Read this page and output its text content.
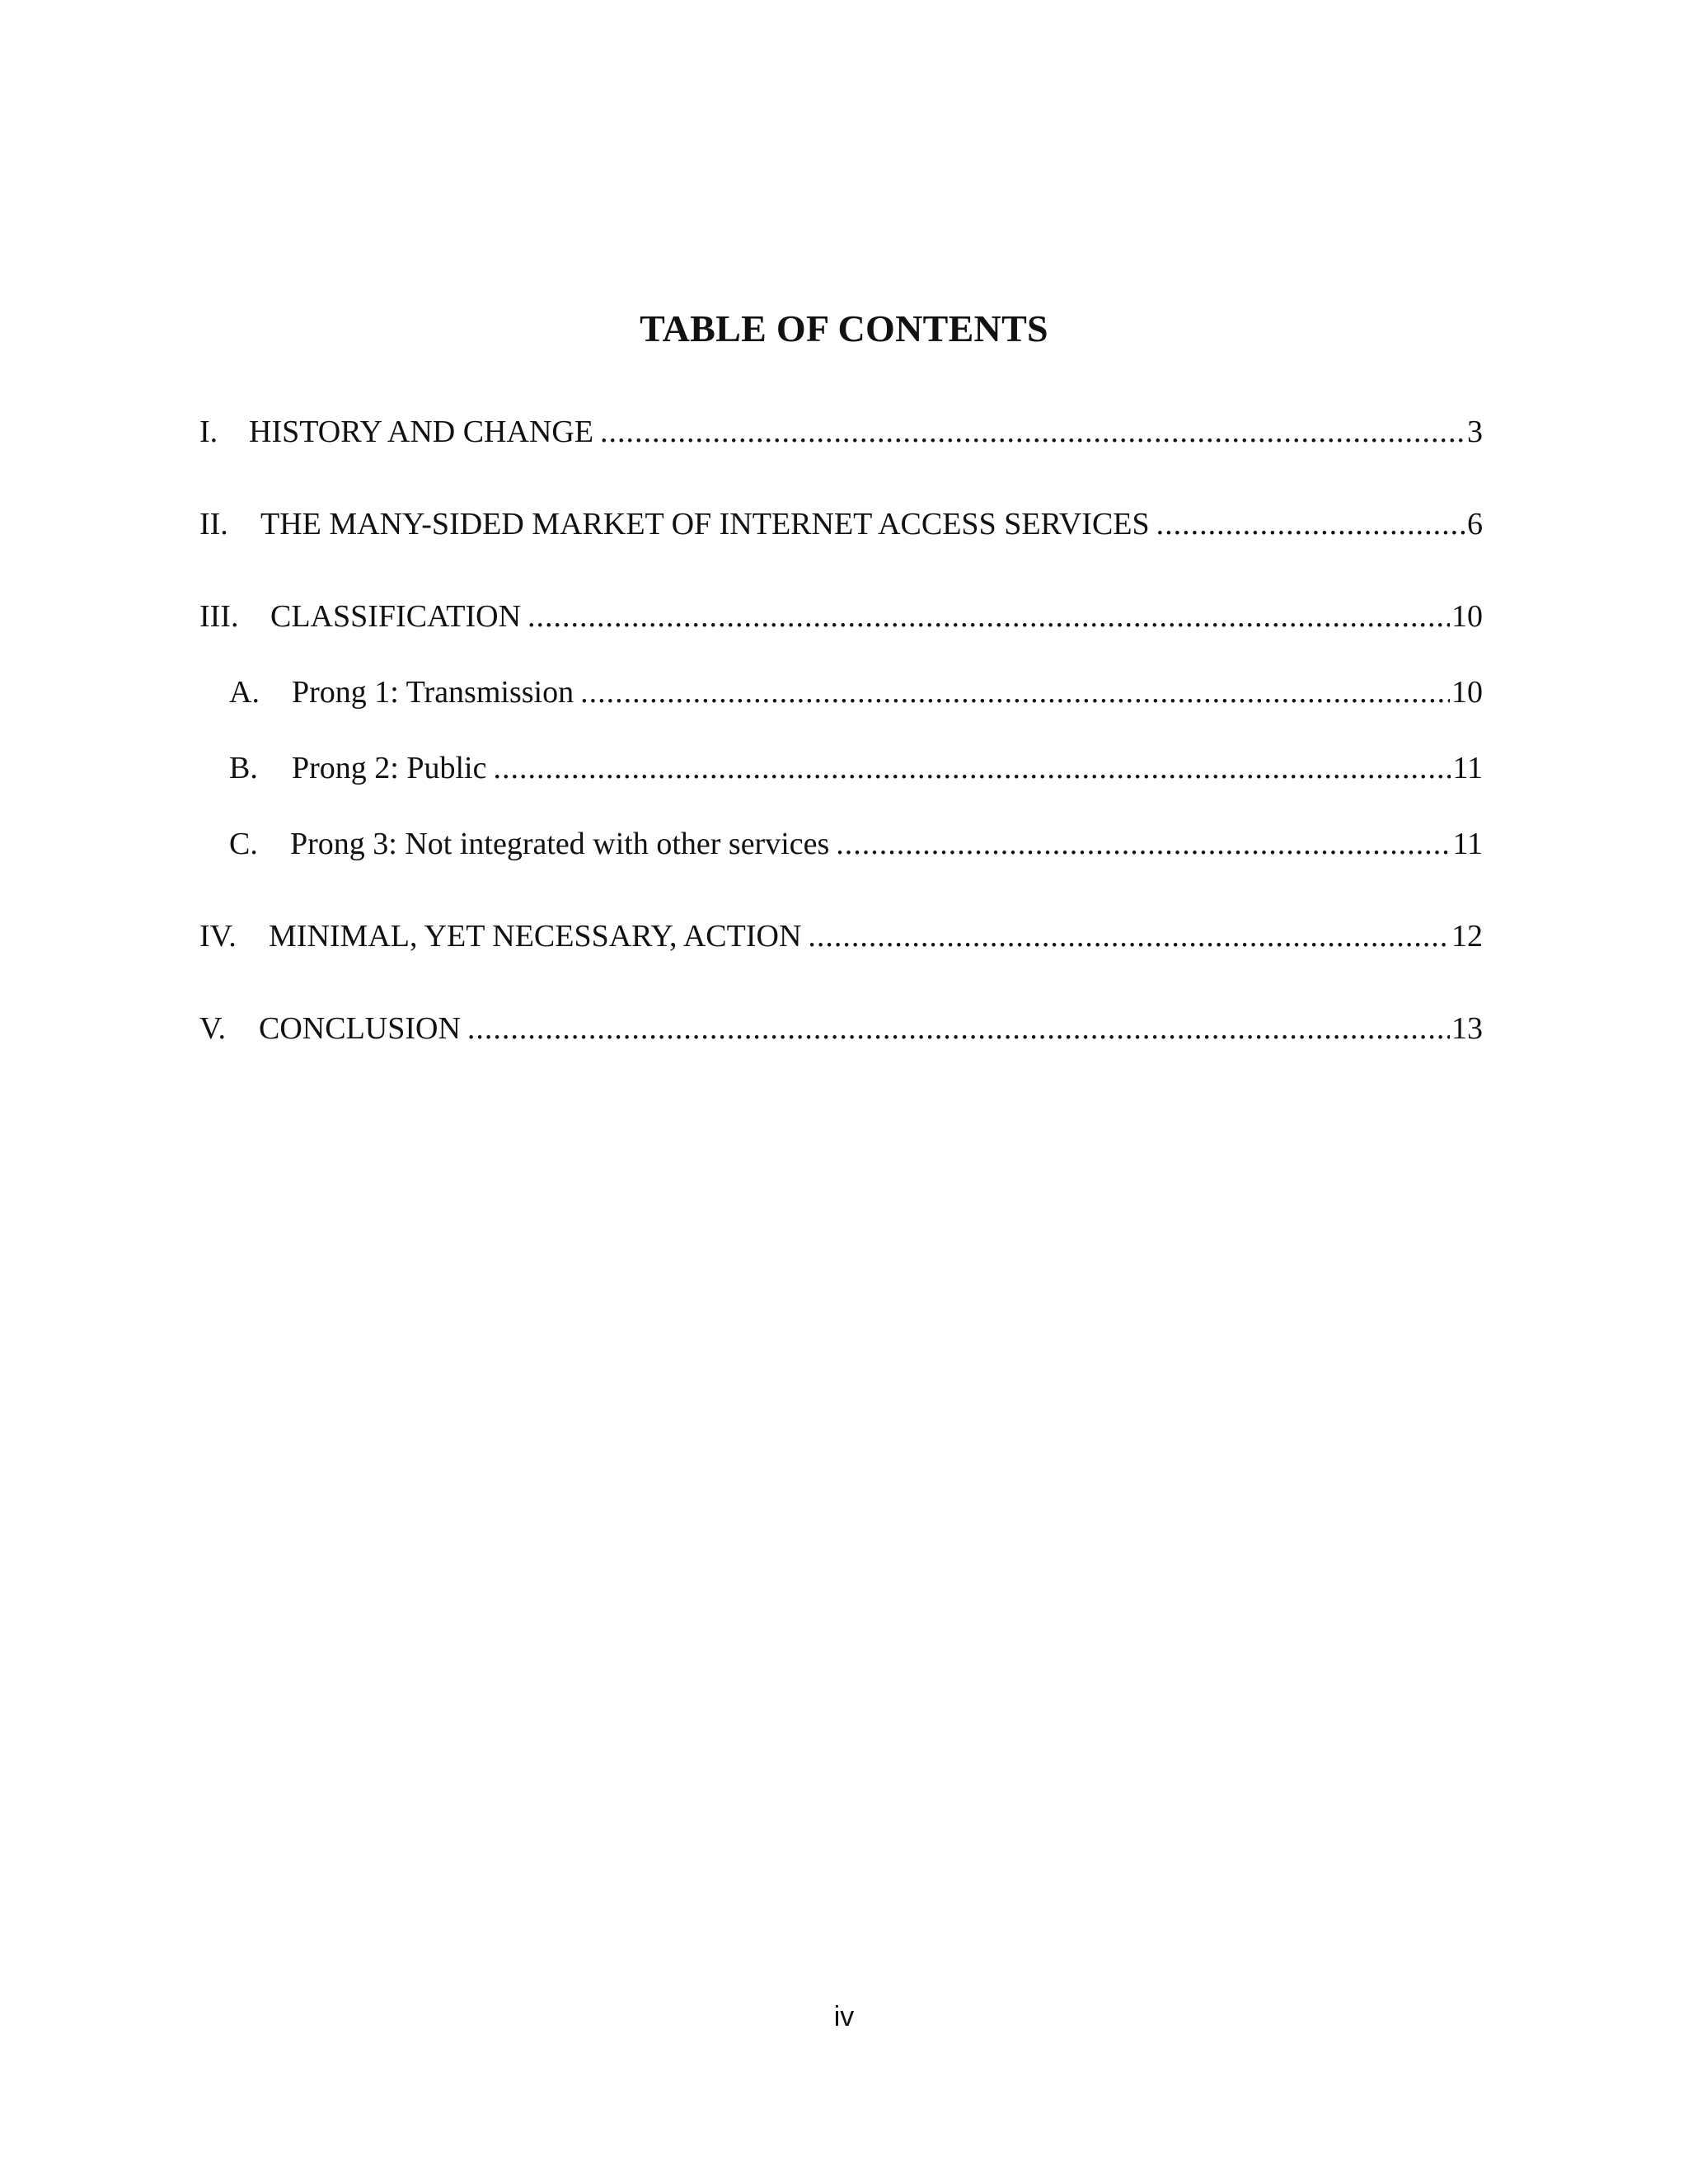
TABLE OF CONTENTS
I. HISTORY AND CHANGE .....	3
II.	THE MANY-SIDED MARKET OF INTERNET ACCESS SERVICES .....	6
III.	CLASSIFICATION .....	10
A.	Prong 1: Transmission .....	10
B.	Prong 2: Public .....	11
C.	Prong 3: Not integrated with other services .....	11
IV.	MINIMAL, YET NECESSARY, ACTION .....	12
V.	CONCLUSION .....	13
iv
